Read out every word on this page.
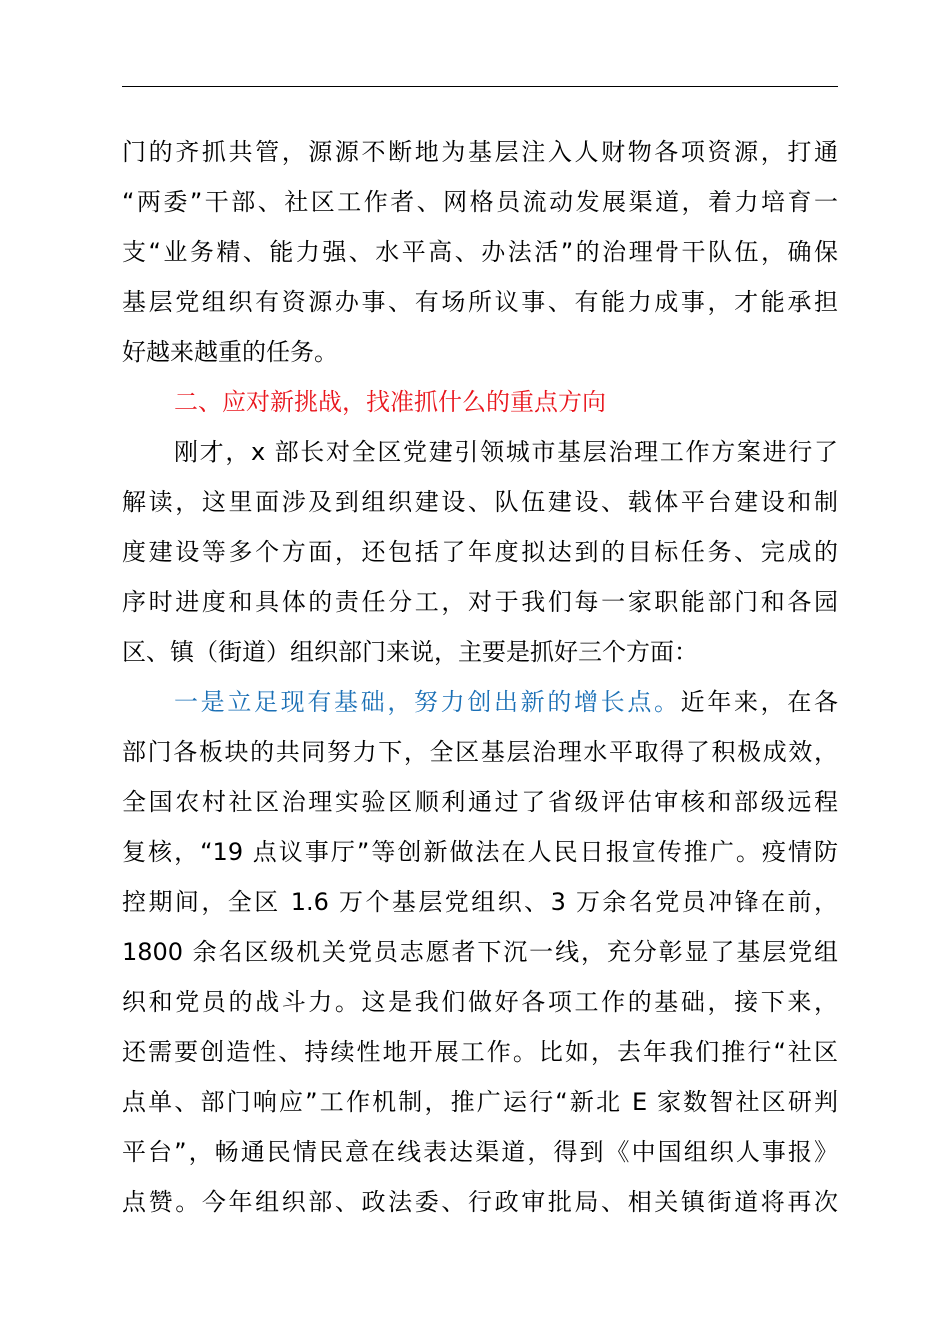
门的齐抓共管，源源不断地为基层注入人财物各项资源，打通
“两委”干部、社区工作者、网格员流动发展渠道，着力培育一
支“业务精、能力强、水平高、办法活”的治理骨干队伍，确保
基层党组织有资源办事、有场所议事、有能力成事，才能承担
好越来越重的任务。
二、应对新挑战，找准抓什么的重点方向
刚才，x 部长对全区党建引领城市基层治理工作方案进行了
解读，这里面涉及到组织建设、队伍建设、载体平台建设和制
度建设等多个方面，还包括了年度拟达到的目标任务、完成的
序时进度和具体的责任分工，对于我们每一家职能部门和各园
区、镇（街道）组织部门来说，主要是抓好三个方面：
一是立足现有基础，努力创出新的增长点。近年来，在各
部门各板块的共同努力下，全区基层治理水平取得了积极成效，
全国农村社区治理实验区顺利通过了省级评估审核和部级远程
复核，“19 点议事厅”等创新做法在人民日报宣传推广。疫情防
控期间，全区 1.6 万个基层党组织、3 万余名党员冲锋在前，
1800 余名区级机关党员志愿者下沉一线，充分彰显了基层党组
织和党员的战斗力。这是我们做好各项工作的基础，接下来，
还需要创造性、持续性地开展工作。比如，去年我们推行“社区
点单、部门响应”工作机制，推广运行“新北 E 家数智社区研判
平台”，畅通民情民意在线表达渠道，得到《中国组织人事报》
点赞。今年组织部、政法委、行政审批局、相关镇街道将再次
